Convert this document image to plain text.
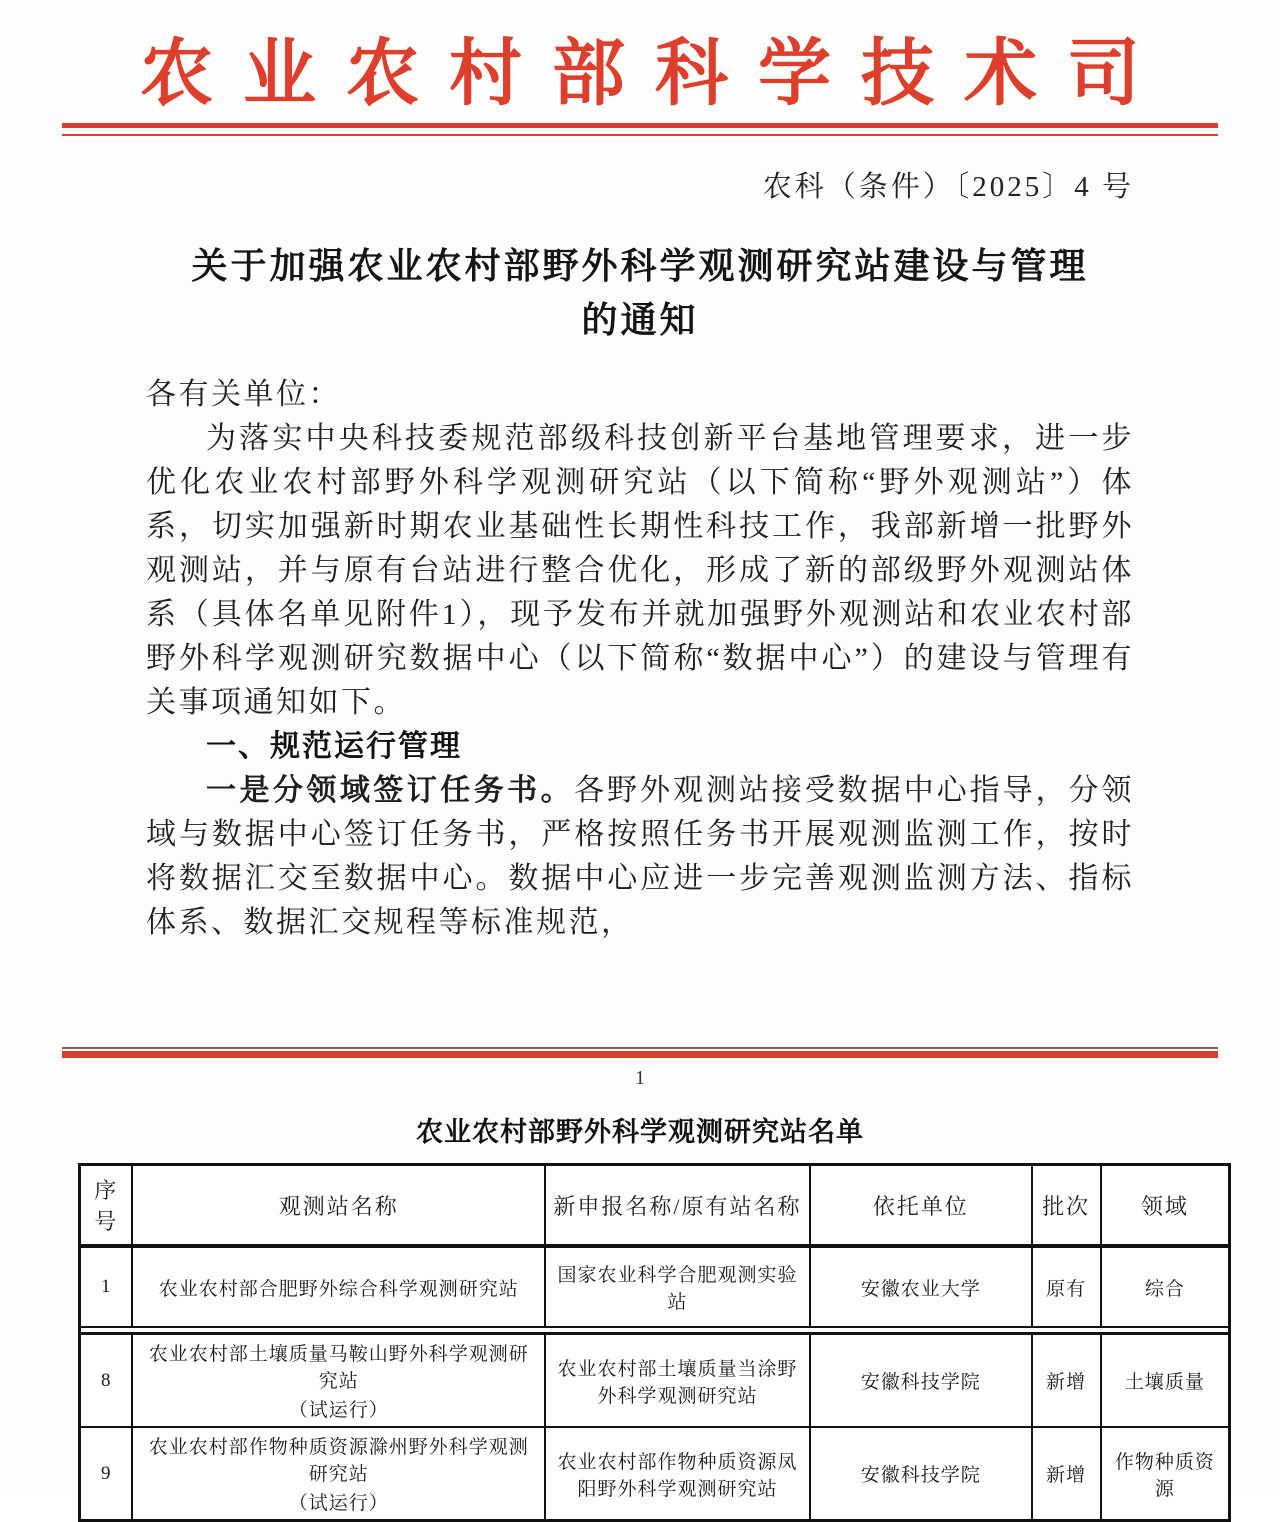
农业农村部科学技术司
农科（条件）〔2025〕4 号
关于加强农业农村部野外科学观测研究站建设与管理
的通知

各有关单位：

为落实中央科技委规范部级科技创新平台基地管理要求，进一步优化农业农村部野外科学观测研究站（以下简称“野外观测站”）体系，切实加强新时期农业基础性长期性科技工作，我部新增一批野外观测站，并与原有台站进行整合优化，形成了新的部级野外观测站体系（具体名单见附件1），现予发布并就加强野外观测站和农业农村部野外科学观测研究数据中心（以下简称“数据中心”）的建设与管理有关事项通知如下。

一、规范运行管理

一是分领域签订任务书。各野外观测站接受数据中心指导，分领域与数据中心签订任务书，严格按照任务书开展观测监测工作，按时将数据汇交至数据中心。数据中心应进一步完善观测监测方法、指标体系、数据汇交规程等标准规范，

1
农业农村部野外科学观测研究站名单
序号	观测站名称	新申报名称/原有站名称	依托单位	批次	领域
1	农业农村部合肥野外综合科学观测研究站	国家农业科学合肥观测实验站	安徽农业大学	原有	综合

8	农业农村部土壤质量马鞍山野外科学观测研究站
（试运行）	农业农村部土壤质量当涂野外科学观测研究站	安徽科技学院	新增	土壤质量
9	农业农村部作物种质资源滁州野外科学观测研究站
（试运行）	农业农村部作物种质资源凤阳野外科学观测研究站	安徽科技学院	新增	作物种质资源
